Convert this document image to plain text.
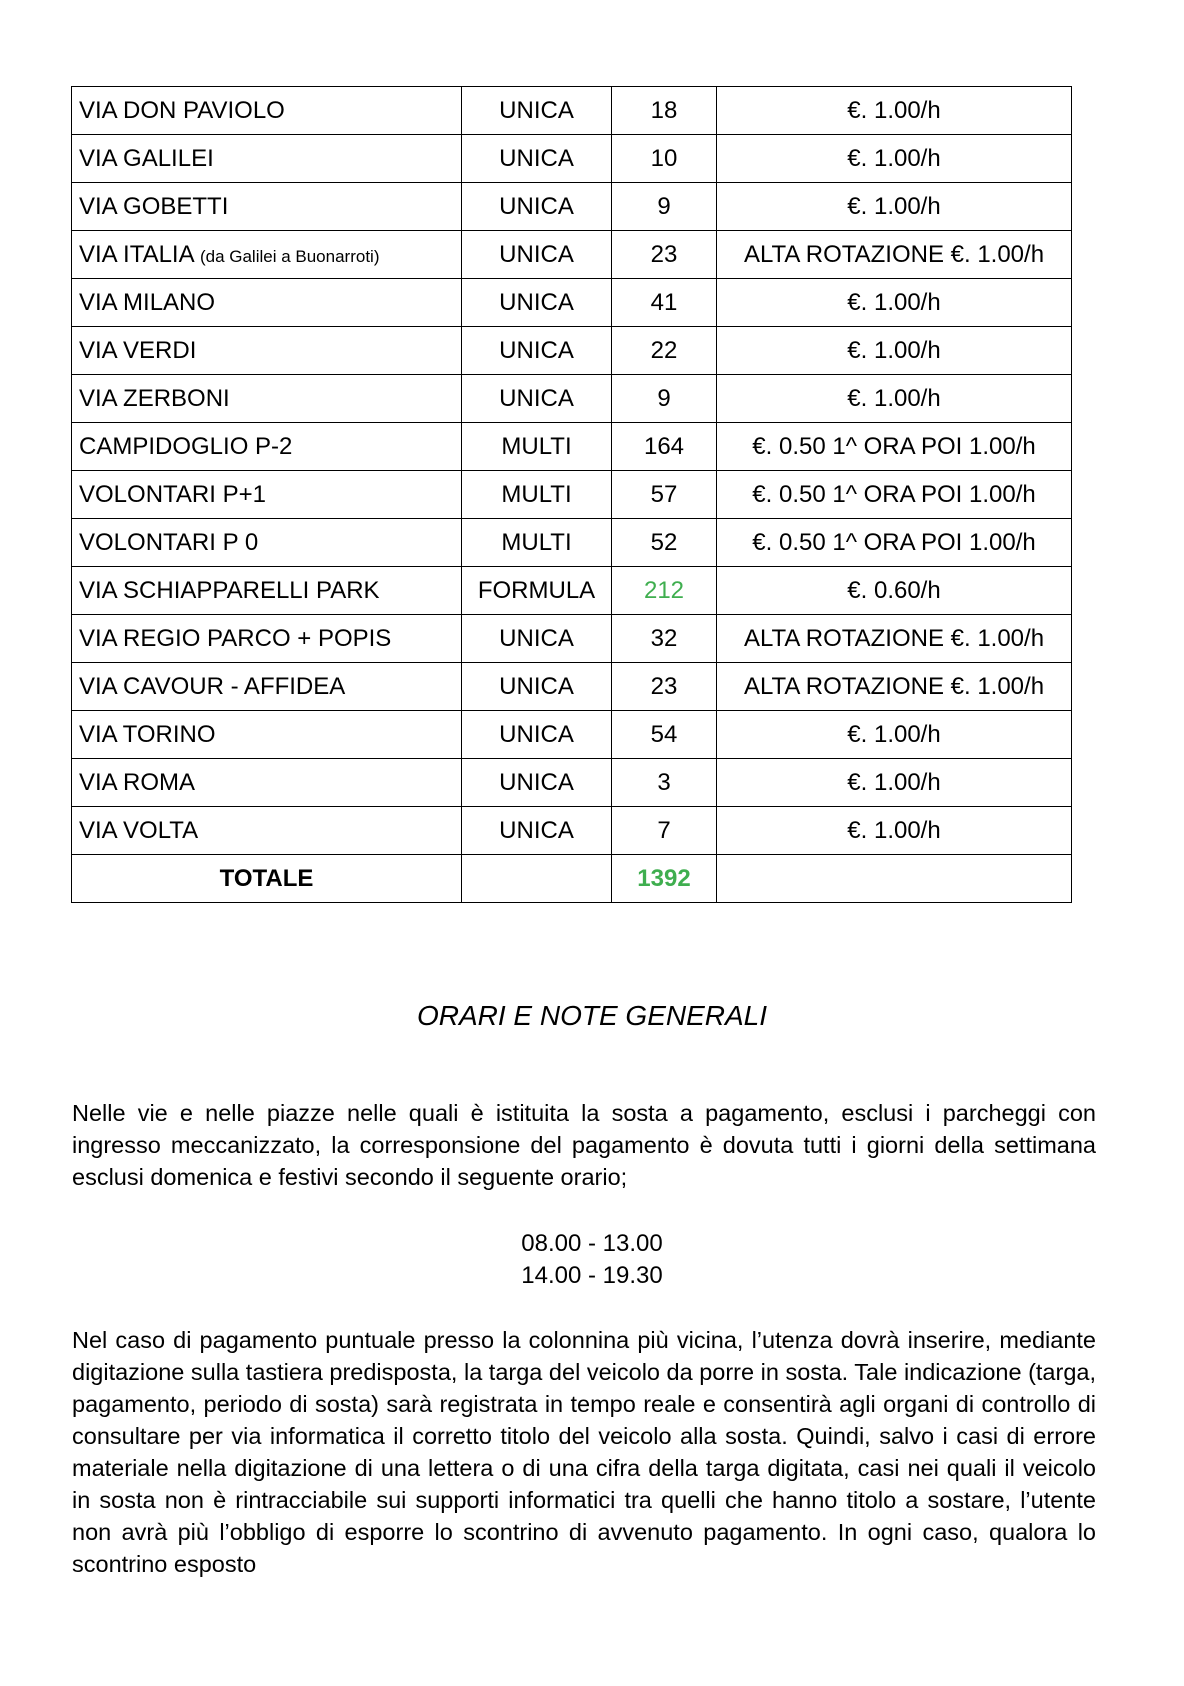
VIA DON PAVIOLO	UNICA	18	€. 1.00/h
VIA GALILEI	UNICA	10	€. 1.00/h
VIA GOBETTI	UNICA	9	€. 1.00/h
VIA ITALIA (da Galilei a Buonarroti)	UNICA	23	ALTA ROTAZIONE €. 1.00/h
VIA MILANO	UNICA	41	€. 1.00/h
VIA VERDI	UNICA	22	€. 1.00/h
VIA ZERBONI	UNICA	9	€. 1.00/h
CAMPIDOGLIO P-2	MULTI	164	€. 0.50 1^ ORA POI 1.00/h
VOLONTARI P+1	MULTI	57	€. 0.50 1^ ORA POI 1.00/h
VOLONTARI P 0	MULTI	52	€. 0.50 1^ ORA POI 1.00/h
VIA SCHIAPPARELLI PARK	FORMULA	212	€. 0.60/h
VIA REGIO PARCO + POPIS	UNICA	32	ALTA ROTAZIONE €. 1.00/h
VIA CAVOUR - AFFIDEA	UNICA	23	ALTA ROTAZIONE €. 1.00/h
VIA TORINO	UNICA	54	€. 1.00/h
VIA ROMA	UNICA	3	€. 1.00/h
VIA VOLTA	UNICA	7	€. 1.00/h
TOTALE		1392	
ORARI E NOTE GENERALI

Nelle vie e nelle piazze nelle quali è istituita la sosta a pagamento, esclusi i parcheggi con ingresso meccanizzato, la corresponsione del pagamento è dovuta tutti i giorni della settimana esclusi domenica e festivi secondo il seguente orario;

08.00 - 13.00
14.00 - 19.30

Nel caso di pagamento puntuale presso la colonnina più vicina, l’utenza dovrà inserire, mediante digitazione sulla tastiera predisposta, la targa del veicolo da porre in sosta. Tale indicazione (targa, pagamento, periodo di sosta) sarà registrata in tempo reale e consentirà agli organi di controllo di consultare per via informatica il corretto titolo del veicolo alla sosta. Quindi, salvo i casi di errore materiale nella digitazione di una lettera o di una cifra della targa digitata, casi nei quali il veicolo in sosta non è rintracciabile sui supporti informatici tra quelli che hanno titolo a sostare, l’utente non avrà più l’obbligo di esporre lo scontrino di avvenuto pagamento. In ogni caso, qualora lo scontrino esposto
